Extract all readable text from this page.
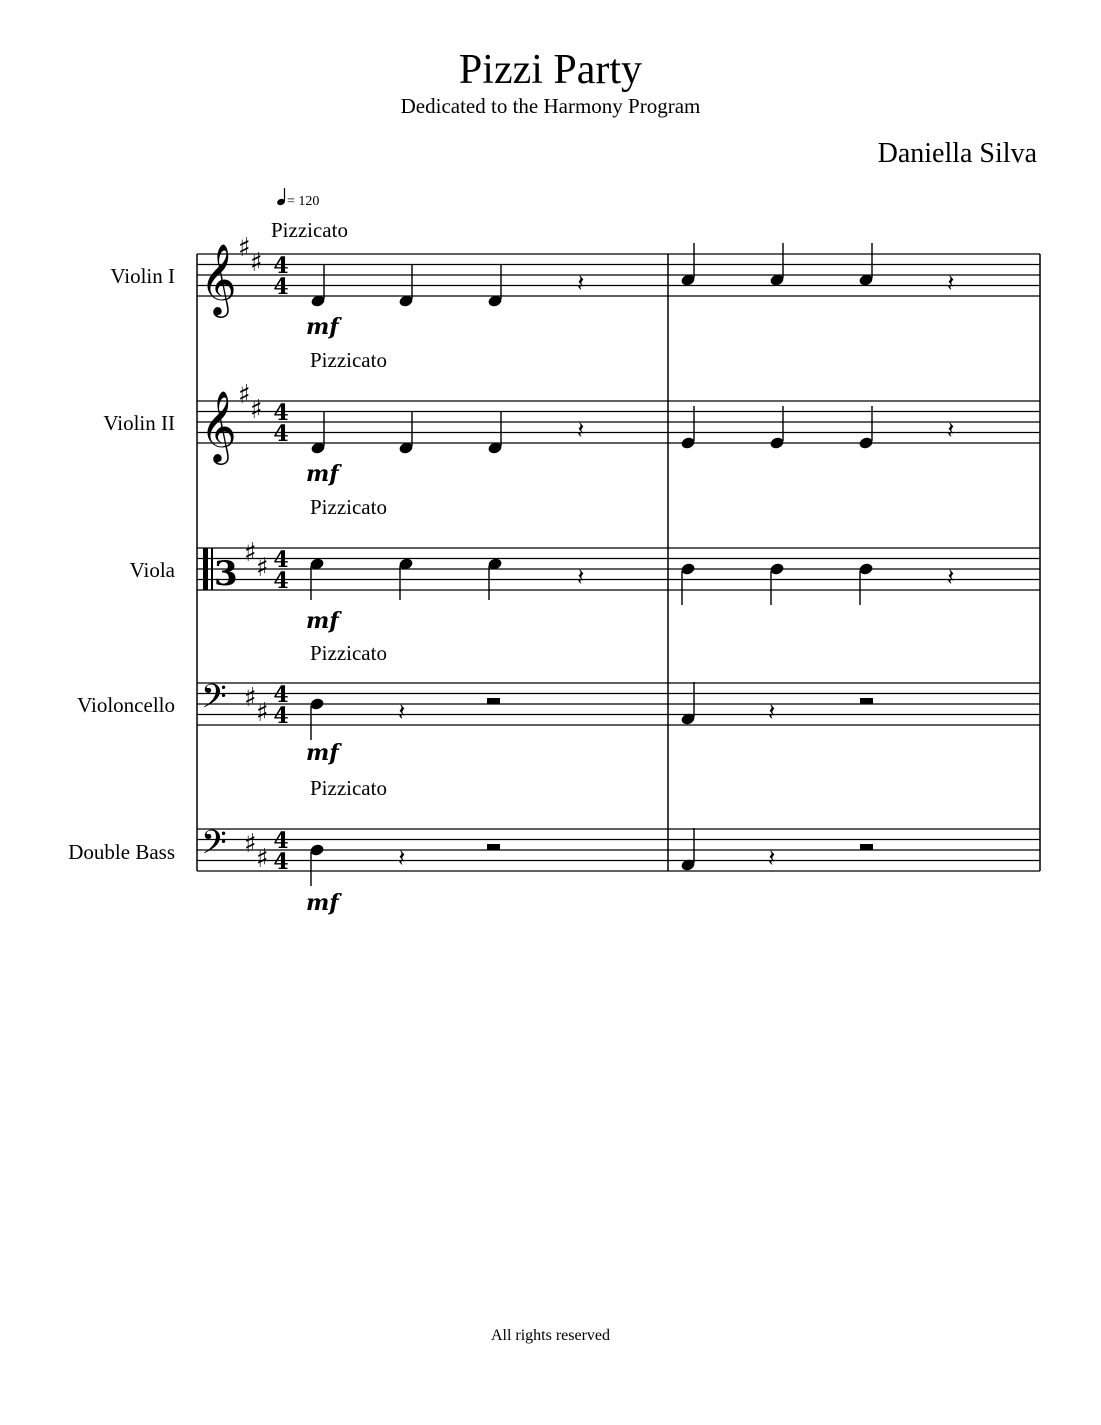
Pizzi Party
Dedicated to the Harmony Program
Daniella Silva
= 120
Violin I
Pizzicato
𝄞 ♯ ♯ 4
4	𝄽	𝄽
mf
Violin II
Pizzicato
𝄞 ♯ ♯ 4
4	𝄽	𝄽
mf
Viola
Pizzicato
3
♯ ♯ 4
4	𝄽	𝄽
mf
Violoncello
Pizzicato
𝄢 ♯ ♯
4
4	𝄽	𝄽
mf
Double Bass
Pizzicato
𝄢 ♯ ♯
4
4	𝄽	𝄽
mf
All rights reserved
